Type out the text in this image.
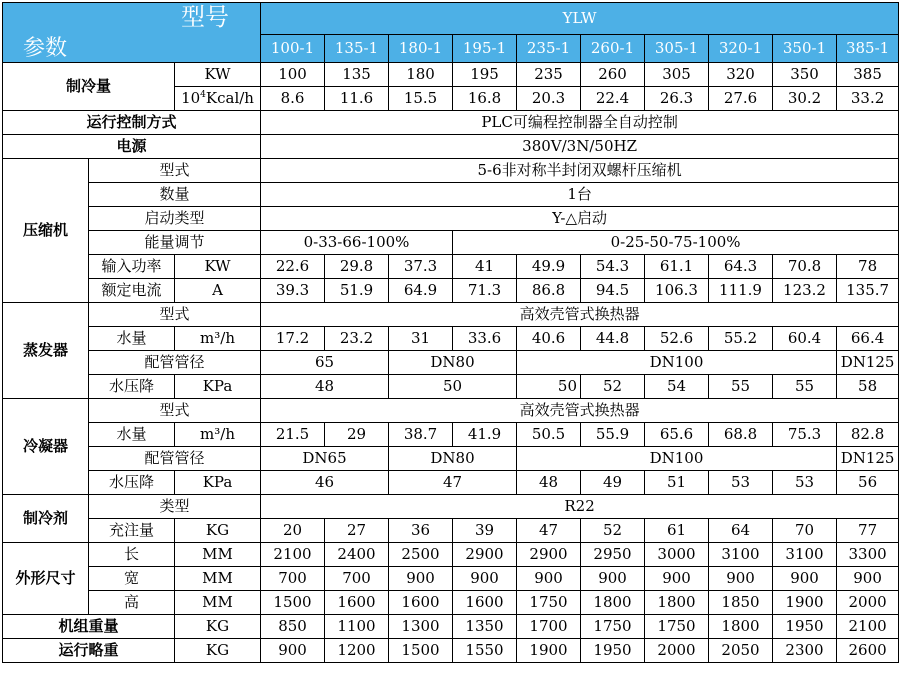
型号
参数			YLW									
			100-1	135-1	180-1	195-1	235-1	260-1	305-1	320-1	350-1	385-1
制冷量		KW	100	135	180	195	235	260	305	320	350	385
		$10^4Kcal/h$	8.6	11.6	15.5	16.8	20.3	22.4	26.3	27.6	30.2	33.2
运行控制方式			PLC可编程控制器全自动控制									
电源			380V/3N/50HZ									
压缩机	型式		5-6非对称半封闭双螺杆压缩机									
	数量		1台									
	启动类型		Y-△启动									
	能量调节		0-33-66-100%			0-25-50-75-100%						
	输入功率	KW	22.6	29.8	37.3	41	49.9	54.3	61.1	64.3	70.8	78
	额定电流	A	39.3	51.9	64.9	71.3	86.8	94.5	106.3	111.9	123.2	135.7
蒸发器	型式		高效壳管式换热器									
	水量	m³/h	17.2	23.2	31	33.6	40.6	44.8	52.6	55.2	60.4	66.4
	配管管径		65		DN80		DN100					DN125
	水压降	KPa	48		50		50	52	54	55	55	58
冷凝器	型式		高效壳管式换热器									
	水量	m³/h	21.5	29	38.7	41.9	50.5	55.9	65.6	68.8	75.3	82.8
	配管管径		DN65		DN80		DN100					DN125
	水压降	KPa	46		47		48	49	51	53	53	56
制冷剂	类型		R22									
	充注量	KG	20	27	36	39	47	52	61	64	70	77
外形尺寸	长	MM	2100	2400	2500	2900	2900	2950	3000	3100	3100	3300
	宽	MM	700	700	900	900	900	900	900	900	900	900
	高	MM	1500	1600	1600	1600	1750	1800	1800	1850	1900	2000
机组重量		KG	850	1100	1300	1350	1700	1750	1750	1800	1950	2100
运行略重		KG	900	1200	1500	1550	1900	1950	2000	2050	2300	2600
